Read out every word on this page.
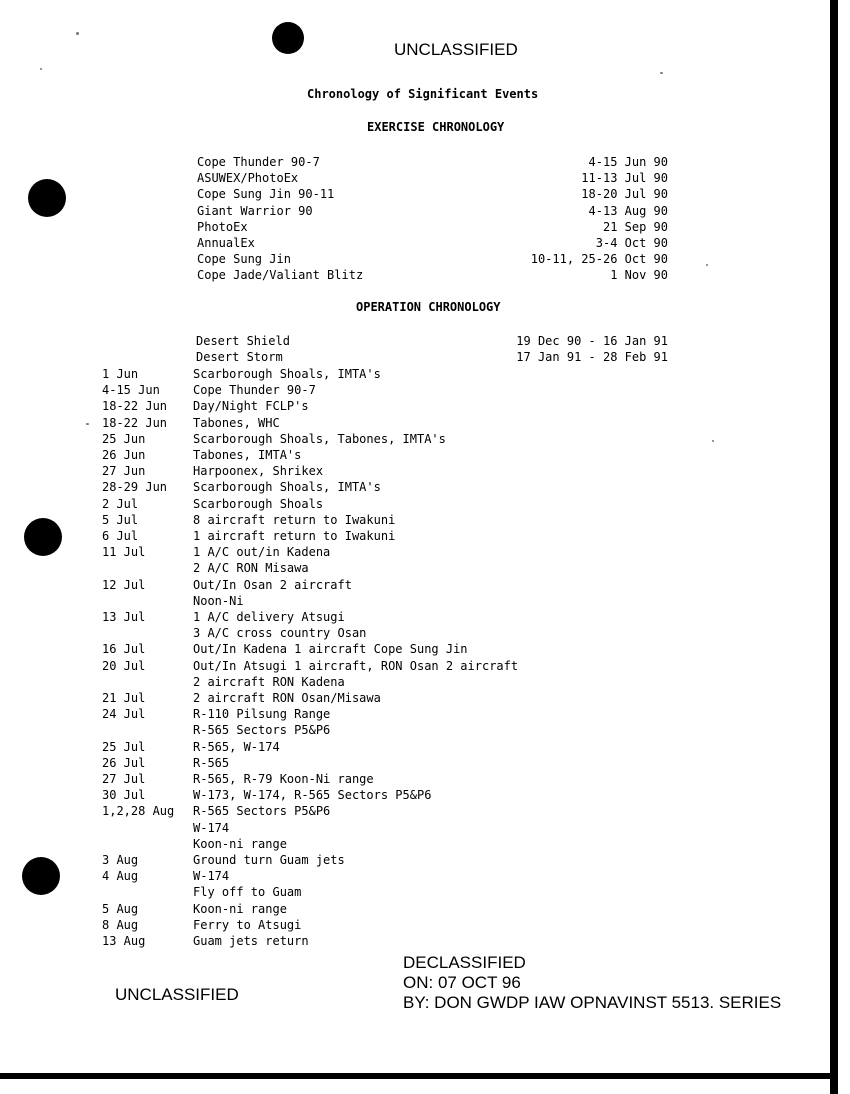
UNCLASSIFIED
Chronology of Significant Events
EXERCISE CHRONOLOGY
Cope Thunder 90-7	4-15 Jun 90
ASUWEX/PhotoEx	11-13 Jul 90
Cope Sung Jin 90-11	18-20 Jul 90
Giant Warrior 90	4-13 Aug 90
PhotoEx	21 Sep 90
AnnualEx	3-4 Oct 90
Cope Sung Jin	10-11, 25-26 Oct 90
Cope Jade/Valiant Blitz	1 Nov 90
OPERATION CHRONOLOGY
Desert Shield	19 Dec 90 - 16 Jan 91
Desert Storm	17 Jan 91 - 28 Feb 91
1 Jun	Scarborough Shoals, IMTA's
4-15 Jun	Cope Thunder 90-7
18-22 Jun Day/Night FCLP's
18-22 Jun Tabones, WHC
25 Jun	Scarborough Shoals, Tabones, IMTA's
26 Jun	Tabones, IMTA's
27 Jun	Harpoonex, Shrikex
28-29 Jun Scarborough Shoals, IMTA's
2 Jul	Scarborough Shoals
5 Jul	8 aircraft return to Iwakuni
6 Jul	1 aircraft return to Iwakuni
11 Jul	1 A/C out/in Kadena
2 A/C RON Misawa
12 Jul	Out/In Osan 2 aircraft
Noon-Ni
13 Jul	1 A/C delivery Atsugi
3 A/C cross country Osan
16 Jul	Out/In Kadena 1 aircraft Cope Sung Jin
20 Jul	Out/In Atsugi 1 aircraft, RON Osan 2 aircraft
2 aircraft RON Kadena
21 Jul	2 aircraft RON Osan/Misawa
24 Jul	R-110 Pilsung Range
R-565 Sectors P5&P6
25 Jul	R-565, W-174
26 Jul	R-565
27 Jul	R-565, R-79 Koon-Ni range
30 Jul	W-173, W-174, R-565 Sectors P5&P6
1,2,28 Aug R-565 Sectors P5&P6
W-174
Koon-ni range
3 Aug	Ground turn Guam jets
4 Aug	W-174
Fly off to Guam
5 Aug	Koon-ni range
8 Aug	Ferry to Atsugi
13 Aug	Guam jets return
DECLASSIFIED
ON: 07 OCT 96
BY: DON GWDP IAW OPNAVINST 5513. SERIES
UNCLASSIFIED
